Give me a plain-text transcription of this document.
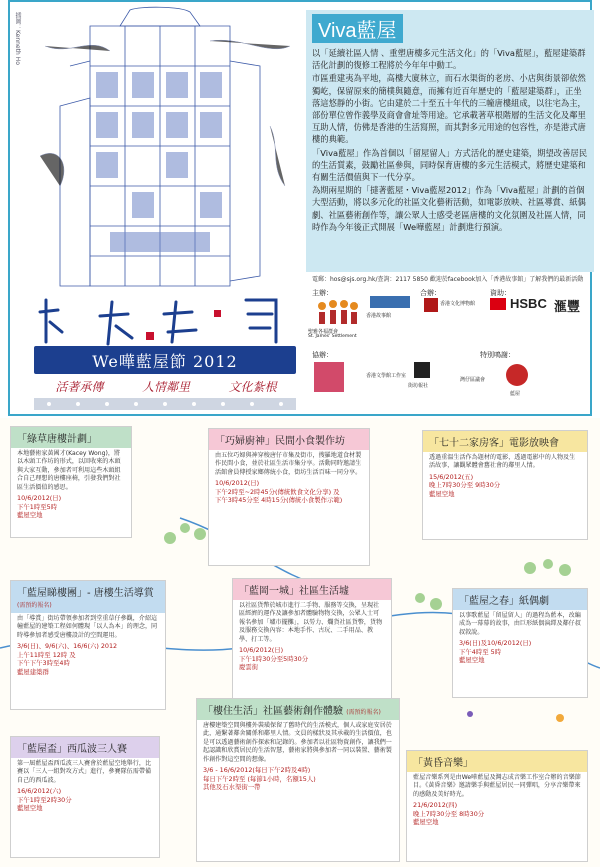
插圖：Kenneth Ho
We嘩藍屋節 2012
活著承傳	人情鄰里	文化紮根
Viva藍屋

以「延續社區人情 、重塑唐樓多元生活文化」的「Viva藍屋」，藍屋建築群活化計劃的復修工程將於今年年中動工。

市區重建夷為平地，高樓大廈林立，而石水渠街的老房、小店與街景卻依然獨屹，保留原來的簡樸與隨意，而擁有近百年歷史的「藍屋建築群」，正坐落這悠靜的小街。它由建於二十至五十年代的三幢唐樓組成，以往宅為主，部份單位曾作義學及商會會址等用途。它承載著草根階層的生活文化及鄰里互助人情，仿佛是香港的生活寫照，而其對多元用途的包容性，亦是港式唐樓的典範。

「Viva藍屋」作為首個以「留屋留人」方式活化的歷史建築，期望改善居民的生活質素，鼓勵社區參與，同時保育唐樓的多元生活模式，將歷史建築和有關生活價值與下一代分享。

為期兩星期的「撻著藍屋・Viva藍屋2012」作為「Viva藍屋」計劃的首個大型活動，將以多元化的社區文化藝術活動，如電影放映、社區導賞、紙偶劇、社區藝術創作等，讓公眾人士感受老區唐樓的文化氛圍及社區人情，同時作為今年後正式開展「We嘩藍屋」計劃進行預演。

電郵：hos@sjs.org.hk/查詢：2117 5850 歡迎於facebook加入「香港故事館」了解我們的最新活動
主辦：	合辦：	資助：
聖雅各福群會
St. James' Settlement
香港故事館
香港文化博物館	HSBC 滙豐
協辦：	特別鳴謝：
香港文學館工作室
街坊報社
灣仔區議會
藍屋
「綠草唐樓計劃」
本地藝術家黃國才(Kacey Wong)，將以木頭工作坊的形式，以回收來的木頭與大家互動，參加者可利用這些木頭組合自己理想的唐樓座椅，引發我們對社區生活價值的感思。
10/6/2012(日)
下午1時至5時
藍屋空地
「巧婦廚神」民間小食製作坊
由五位巧婦與神穿梭唐仔市集及街市，搜羅地道食材製作民間小食，並於社區生活市集分享。活動同時邀請生活館會員傳授家鄉傳統小食，街坊生活百味一同分享。
10/6/2012(日)
下午2時至~2時45分(傳統飲食文化分享) 及
下午3時45分至 4時15分(傳統小食製作示範)
「七十二家房客」電影放映會
透過重溫生活作為題材的電影，透過電影中的人物及生活故事，讓觀眾體會舊社會的鄰里人情。
15/6/2012(五)
晚上7時30分至 9時30分
藍屋空地
「藍屋睇樓團」- 唐樓生活導賞 (需預約報名)
由「導賞」街坊帶領參加者到堂重草仔參觀，介紹這幢藍屋的建築工程如何體現「以人為本」的理念，同時導參加者感受唐樓設計的空間運用。
3/6(日)、9/6(六)、16/6(六) 2012
上午11時至 12時 及
下午下午3時至4時
藍屋建築群
「藍岡一城」社區生活墟
以社區貨幣於城市進行二手物、服務等交換，呈現社區經濟的運作及讓參加者體驗物物交換，公眾人士可報名參加「壚市擺攤」，以勞力、爛貨社區貨幣，貨物及服務交換內容：本地手作、古玩、二手用品、教學、打工等。
10/6/2012(日)
下午1時30分至5時30分
慶雲街
「藍屋之春」紙偶劇
以事歌藍屋「留屋留人」的過程為藍本，改編成為一幕幕的故事，由巨形紙偶演繹及鄰仔叔叔敘說。
3/6(日)及10/6/2012(日)
下午4時至 5時
藍屋空地
「樓住生活」社區藝術創作體驗 (需預約報名)
唐樓建築空間與樓外裝璜保留了舊時代的生活模式，個人或家庭安居於此，通繫著鄰舍關係和鄰里人情。文員的樣狀及其承載的生活價值，也是可以透過藝術創作探索和記錄的。參加者以社區物資創作，讓我們一起認識和欣賞居民的生活智慧，藝術家將與參加者一同以裝置、藝術製作創作對這空間的想像。
3/6 - 16/6/2012(每日下午2時及4時)
每日下午2時至 (每節1小時，名額15人)
其他及石水渠街一帶
「藍屋盃」西瓜波三人賽
第一屆藍屋盃西瓜波三人賽會於藍屋空地舉行，比賽以「三人一組對攻方式」進行，參賽隊伍需帶備自己的西瓜波。
16/6/2012(六)
下午1時至2時30分
藍屋空地
「黃昏音樂」
藍屋音樂系列是由We嘩藍屋及灣志成音樂工作室合辦的音樂節目。《黃昏音樂》邀請樂手與藍屋居民一同彈唱，分享音樂帶來的感動及美好時光。
21/6/2012(四)
晚上7時30分至 8時30分
藍屋空地
